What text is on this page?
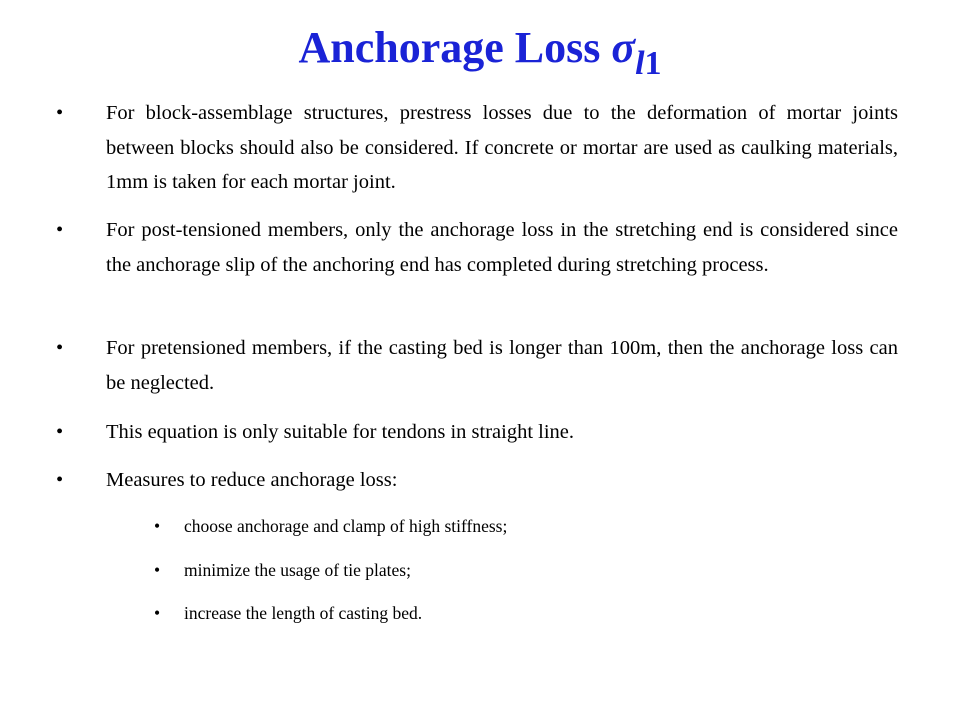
Anchorage Loss $\sigma_{l1}$
•	For block-assemblage structures, prestress losses due to the deformation of mortar joints between blocks should also be considered. If concrete or mortar are used as caulking materials, 1mm is taken for each mortar joint.
•	For post-tensioned members, only the anchorage loss in the stretching end is considered since the anchorage slip of the anchoring end has completed during stretching process.
•	For pretensioned members, if the casting bed is longer than 100m, then the anchorage loss can be neglected.
•	This equation is only suitable for tendons in straight line.
•	Measures to reduce anchorage loss:
•	choose anchorage and clamp of high stiffness;
•	minimize the usage of tie plates;
•	increase the length of casting bed.
